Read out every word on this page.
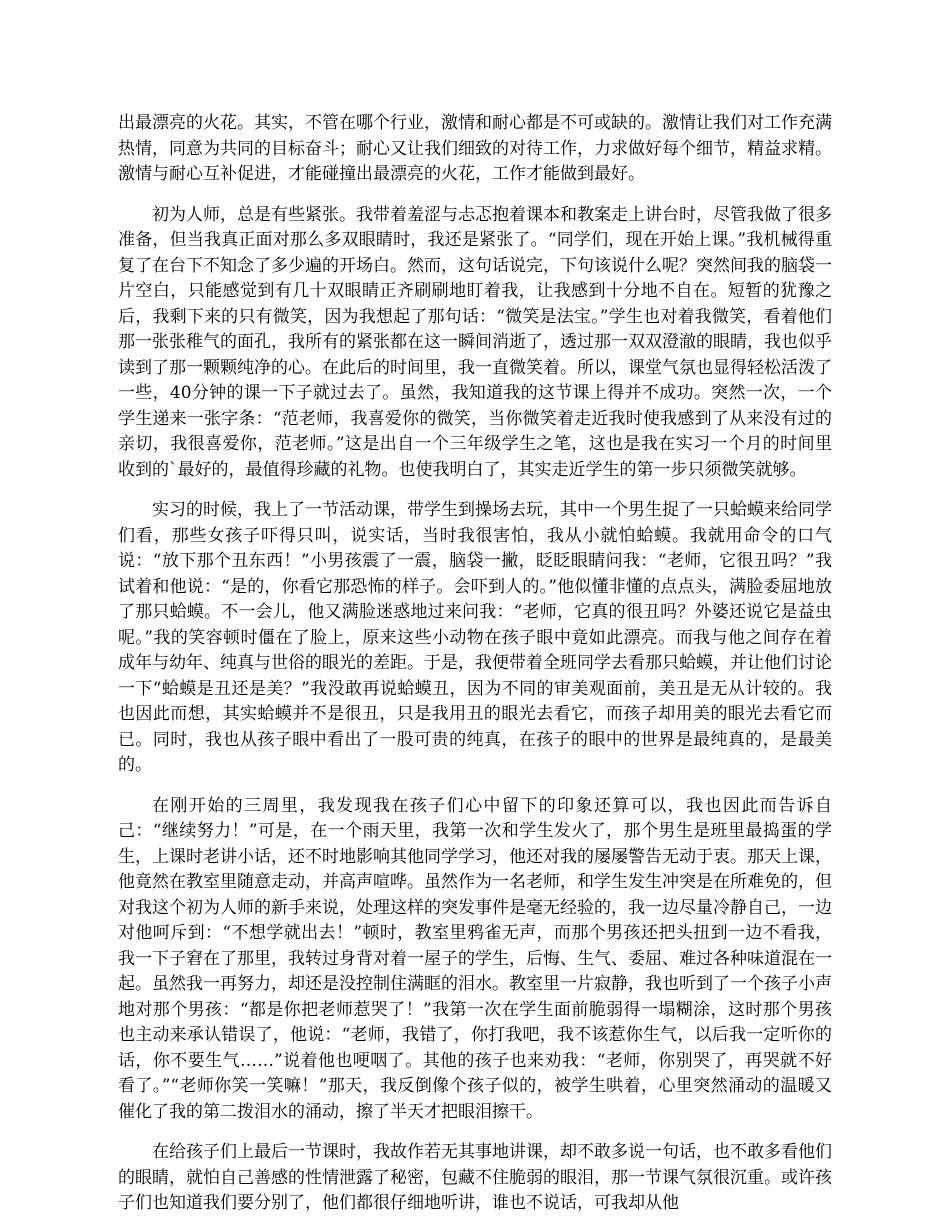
出最漂亮的火花。其实，不管在哪个行业，激情和耐心都是不可或缺的。激情让我们对工作充满热情，同意为共同的目标奋斗；耐心又让我们细致的对待工作，力求做好每个细节，精益求精。激情与耐心互补促进，才能碰撞出最漂亮的火花，工作才能做到最好。

初为人师，总是有些紧张。我带着羞涩与忐忑抱着课本和教案走上讲台时，尽管我做了很多准备，但当我真正面对那么多双眼睛时，我还是紧张了。“同学们，现在开始上课。”我机械得重复了在台下不知念了多少遍的开场白。然而，这句话说完，下句该说什么呢？突然间我的脑袋一片空白，只能感觉到有几十双眼睛正齐刷刷地盯着我，让我感到十分地不自在。短暂的犹豫之后，我剩下来的只有微笑，因为我想起了那句话：“微笑是法宝。”学生也对着我微笑，看着他们那一张张稚气的面孔，我所有的紧张都在这一瞬间消逝了，透过那一双双澄澈的眼睛，我也似乎读到了那一颗颗纯净的心。在此后的时间里，我一直微笑着。所以，课堂气氛也显得轻松活泼了一些，40分钟的课一下子就过去了。虽然，我知道我的这节课上得并不成功。突然一次，一个学生递来一张字条：“范老师，我喜爱你的微笑，当你微笑着走近我时使我感到了从来没有过的亲切，我很喜爱你，范老师。”这是出自一个三年级学生之笔，这也是我在实习一个月的时间里收到的`最好的，最值得珍藏的礼物。也使我明白了，其实走近学生的第一步只须微笑就够。

实习的时候，我上了一节活动课，带学生到操场去玩，其中一个男生捉了一只蛤蟆来给同学们看，那些女孩子吓得只叫，说实话，当时我很害怕，我从小就怕蛤蟆。我就用命令的口气说：“放下那个丑东西！”小男孩震了一震，脑袋一撇，眨眨眼睛问我：“老师，它很丑吗？”我试着和他说：“是的，你看它那恐怖的样子。会吓到人的。”他似懂非懂的点点头，满脸委屈地放了那只蛤蟆。不一会儿，他又满脸迷惑地过来问我：“老师，它真的很丑吗？外婆还说它是益虫呢。”我的笑容顿时僵在了脸上，原来这些小动物在孩子眼中竟如此漂亮。而我与他之间存在着成年与幼年、纯真与世俗的眼光的差距。于是，我便带着全班同学去看那只蛤蟆，并让他们讨论一下“蛤蟆是丑还是美？”我没敢再说蛤蟆丑，因为不同的审美观面前，美丑是无从计较的。我也因此而想，其实蛤蟆并不是很丑，只是我用丑的眼光去看它，而孩子却用美的眼光去看它而已。同时，我也从孩子眼中看出了一股可贵的纯真，在孩子的眼中的世界是最纯真的，是最美的。

在刚开始的三周里，我发现我在孩子们心中留下的印象还算可以，我也因此而告诉自己：“继续努力！”可是，在一个雨天里，我第一次和学生发火了，那个男生是班里最捣蛋的学生，上课时老讲小话，还不时地影响其他同学学习，他还对我的屡屡警告无动于衷。那天上课，他竟然在教室里随意走动，并高声喧哗。虽然作为一名老师，和学生发生冲突是在所难免的，但对我这个初为人师的新手来说，处理这样的突发事件是毫无经验的，我一边尽量冷静自己，一边对他呵斥到：“不想学就出去！”顿时，教室里鸦雀无声，而那个男孩还把头扭到一边不看我，我一下子窘在了那里，我转过身背对着一屋子的学生，后悔、生气、委屈、难过各种味道混在一起。虽然我一再努力，却还是没控制住满眶的泪水。教室里一片寂静，我也听到了一个孩子小声地对那个男孩：“都是你把老师惹哭了！”我第一次在学生面前脆弱得一塌糊涂，这时那个男孩也主动来承认错误了，他说：“老师，我错了，你打我吧，我不该惹你生气，以后我一定听你的话，你不要生气……”说着他也哽咽了。其他的孩子也来劝我：“老师，你别哭了，再哭就不好看了。”“老师你笑一笑嘛！”那天，我反倒像个孩子似的，被学生哄着，心里突然涌动的温暖又催化了我的第二拨泪水的涌动，擦了半天才把眼泪擦干。

在给孩子们上最后一节课时，我故作若无其事地讲课，却不敢多说一句话，也不敢多看他们的眼睛，就怕自己善感的性情泄露了秘密，包藏不住脆弱的眼泪，那一节课气氛很沉重。或许孩子们也知道我们要分别了，他们都很仔细地听讲，谁也不说话，可我却从他
